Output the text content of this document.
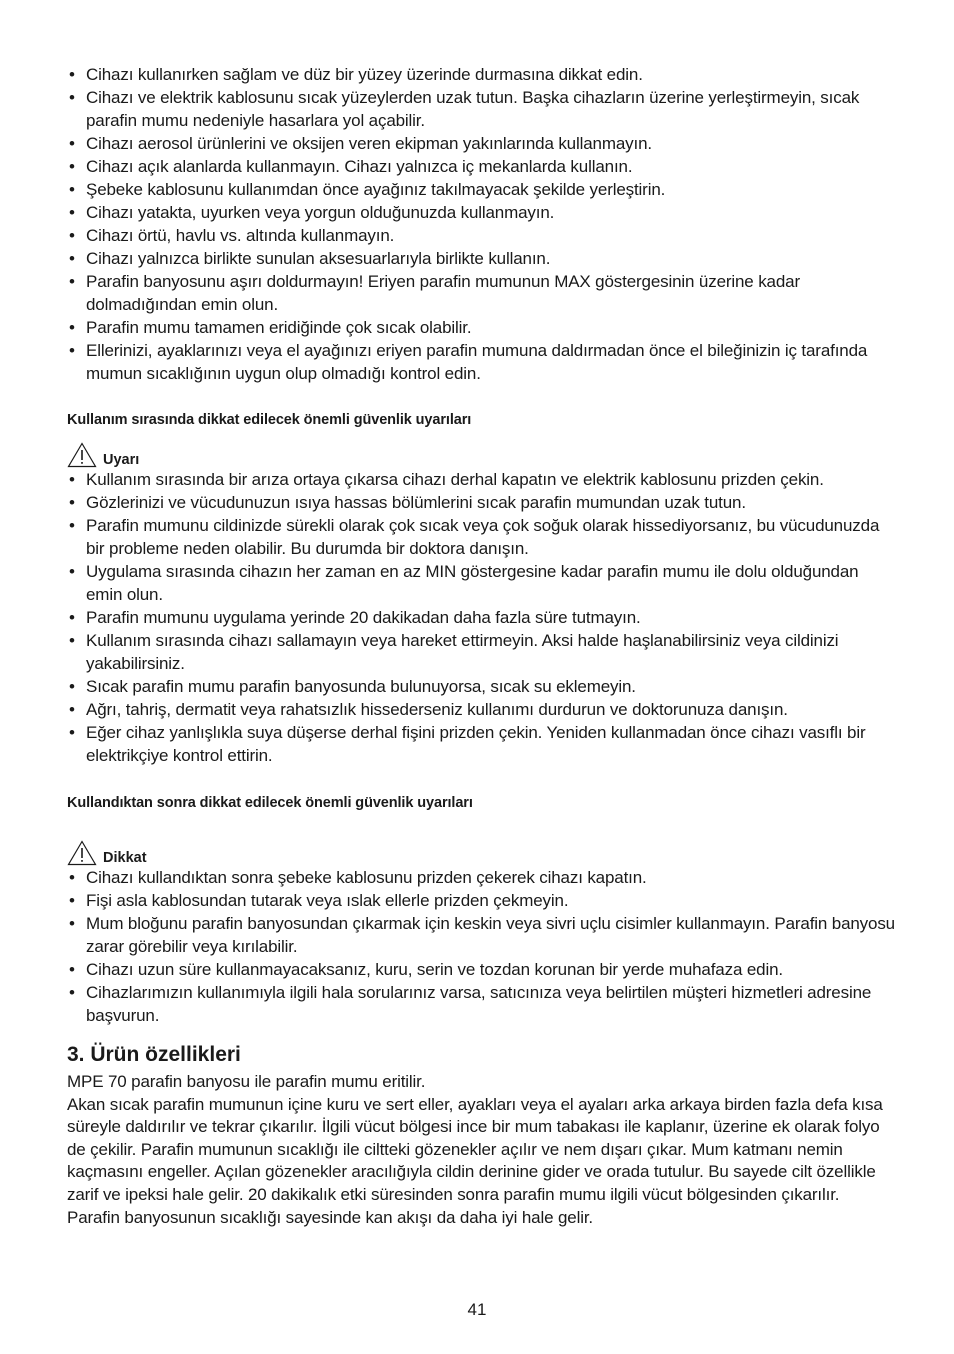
• Cihazı kullanırken sağlam ve düz bir yüzey üzerinde durmasına dikkat edin.
• Cihazı ve elektrik kablosunu sıcak yüzeylerden uzak tutun. Başka cihazların üzerine yerleştirmeyin, sıcak parafin mumu nedeniyle hasarlara yol açabilir.
• Cihazı aerosol ürünlerini ve oksijen veren ekipman yakınlarında kullanmayın.
• Cihazı açık alanlarda kullanmayın. Cihazı yalnızca iç mekanlarda kullanın.
• Şebeke kablosunu kullanımdan önce ayağınız takılmayacak şekilde yerleştirin.
• Cihazı yatakta, uyurken veya yorgun olduğunuzda kullanmayın.
• Cihazı örtü, havlu vs. altında kullanmayın.
• Cihazı yalnızca birlikte sunulan aksesuarlarıyla birlikte kullanın.
• Parafin banyosunu aşırı doldurmayın! Eriyen parafin mumunun MAX göstergesinin üzerine kadar dolmadığından emin olun.
• Parafin mumu tamamen eridiğinde çok sıcak olabilir.
• Ellerinizi, ayaklarınızı veya el ayağınızı eriyen parafin mumuna daldırmadan önce el bileğinizin iç tarafında mumun sıcaklığının uygun olup olmadığı kontrol edin.
Kullanım sırasında dikkat edilecek önemli güvenlik uyarıları
Uyarı
• Kullanım sırasında bir arıza ortaya çıkarsa cihazı derhal kapatın ve elektrik kablosunu prizden çekin.
• Gözlerinizi ve vücudunuzun ısıya hassas bölümlerini sıcak parafin mumundan uzak tutun.
• Parafin mumunu cildinizde sürekli olarak çok sıcak veya çok soğuk olarak hissediyorsanız, bu vücudunuzda bir probleme neden olabilir. Bu durumda bir doktora danışın.
• Uygulama sırasında cihazın her zaman en az MIN göstergesine kadar parafin mumu ile dolu olduğundan emin olun.
• Parafin mumunu uygulama yerinde 20 dakikadan daha fazla süre tutmayın.
• Kullanım sırasında cihazı sallamayın veya hareket ettirmeyin. Aksi halde haşlanabilirsiniz veya cildinizi yakabilirsiniz.
• Sıcak parafin mumu parafin banyosunda bulunuyorsa, sıcak su eklemeyin.
• Ağrı, tahriş, dermatit veya rahatsızlık hissederseniz kullanımı durdurun ve doktorunuza danışın.
• Eğer cihaz yanlışlıkla suya düşerse derhal fişini prizden çekin. Yeniden kullanmadan önce cihazı vasıflı bir elektrikçiye kontrol ettirin.
Kullandıktan sonra dikkat edilecek önemli güvenlik uyarıları
Dikkat
• Cihazı kullandıktan sonra şebeke kablosunu prizden çekerek cihazı kapatın.
• Fişi asla kablosundan tutarak veya ıslak ellerle prizden çekmeyin.
• Mum bloğunu parafin banyosundan çıkarmak için keskin veya sivri uçlu cisimler kullanmayın. Parafin banyosu zarar görebilir veya kırılabilir.
• Cihazı uzun süre kullanmayacaksanız, kuru, serin ve tozdan korunan bir yerde muhafaza edin.
• Cihazlarımızın kullanımıyla ilgili hala sorularınız varsa, satıcınıza veya belirtilen müşteri hizmetleri adresine başvurun.
3. Ürün özellikleri

MPE 70 parafin banyosu ile parafin mumu eritilir.

Akan sıcak parafin mumunun içine kuru ve sert eller, ayakları veya el ayaları arka arkaya birden fazla defa kısa süreyle daldırılır ve tekrar çıkarılır. İlgili vücut bölgesi ince bir mum tabakası ile kaplanır, üzerine ek olarak folyo de çekilir. Parafin mumunun sıcaklığı ile ciltteki gözenekler açılır ve nem dışarı çıkar. Mum katmanı nemin kaçmasını engeller. Açılan gözenekler aracılığıyla cildin derinine gider ve orada tutulur. Bu sayede cilt özellikle zarif ve ipeksi hale gelir. 20 dakikalık etki süresinden sonra parafin mumu ilgili vücut bölgesinden çıkarılır.

Parafin banyosunun sıcaklığı sayesinde kan akışı da daha iyi hale gelir.

41
